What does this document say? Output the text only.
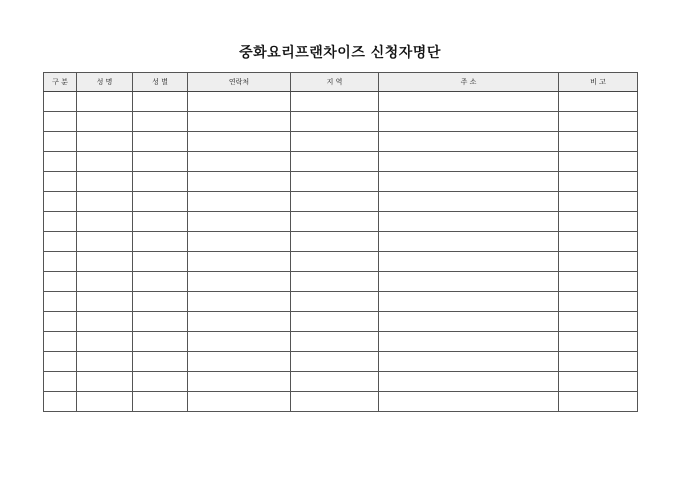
중화요리프랜차이즈 신청자명단
구 분	성 명	성 별	연락처	지 역	주 소	비 고
